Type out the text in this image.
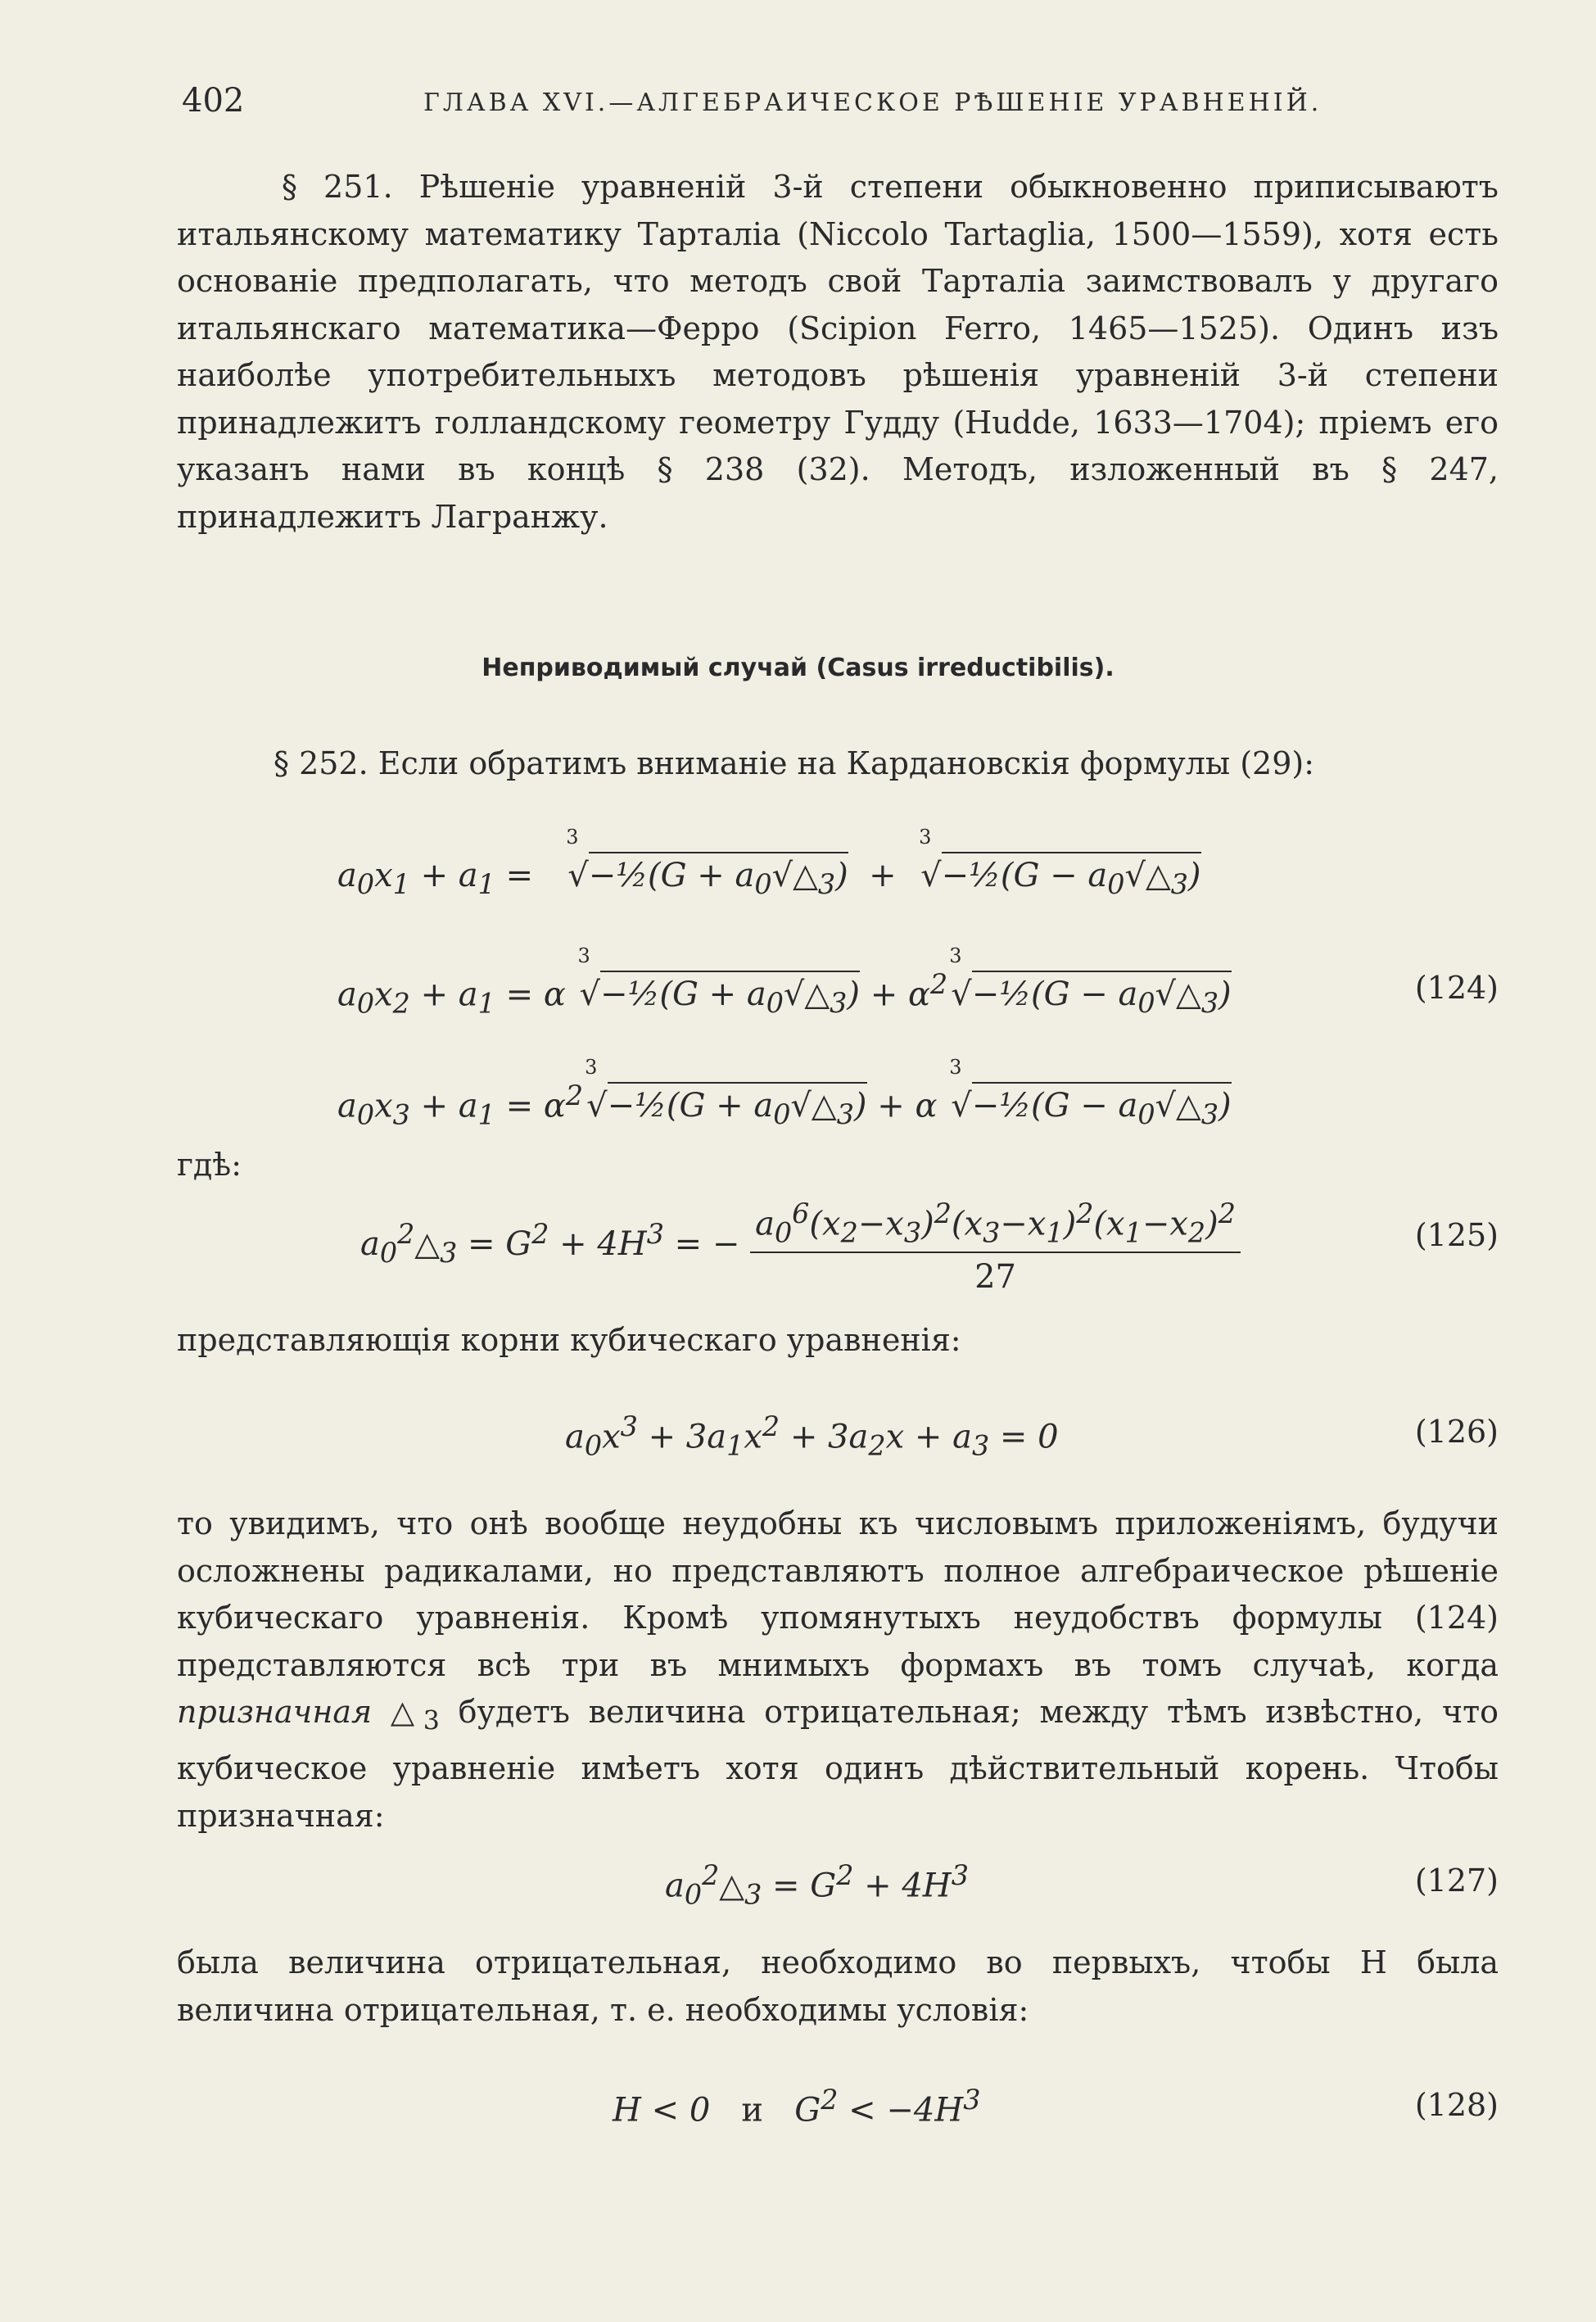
402	ГЛАВА XVI.—АЛГЕБРАИЧЕСКОЕ РѢШЕНІЕ УРАВНЕНІЙ.

§ 251. Рѣшеніе уравненій 3-й степени обыкновенно приписываютъ итальянскому математику Тарталіа (Niccolo Tartaglia, 1500—1559), хотя есть основаніе предполагать, что методъ свой Тарталіа заимствовалъ у другаго итальянскаго математика—Ферро (Scipion Ferro, 1465—1525). Одинъ изъ наиболѣе употребительныхъ методовъ рѣшенія уравненій 3-й степени принадлежитъ голландскому геометру Гудду (Hudde, 1633—1704); пріемъ его указанъ нами въ концѣ § 238 (32). Методъ, изложенный въ § 247, принадлежитъ Лагранжу.

Неприводимый случай (Casus irreductibilis).

§ 252. Если обратимъ вниманіе на Кардановскія формулы (29):

$a_0x_1 + a_1$ =
3
√−½(G + $a_0√\triangle_3$)  +
3
√−½(G − $a_0√\triangle_3$)
$a_0x_2 + a_1 = \alpha$
3
√−½(G + $a_0√\triangle_3) + \alpha^2$
3
√−½(G − $a_0√\triangle_3$)	(124)
$a_0x_3 + a_1 = \alpha^2$
3
√−½(G + $a_0√\triangle_3) + \alpha$
3
√−½(G − $a_0√\triangle_3$)
гдѣ:
$a_0^2\triangle_3 = G^2 + 4H^3$ = − $\frac{a_0^6(x_2-x_3)^2(x_3-x_1)^2(x_1-x_2)^2}{27}$	(125)

представляющія корни кубическаго уравненія:

$a_0x^3 + 3a_1x^2 + 3a_2x + a_3 = 0$	(126)

то увидимъ, что онѣ вообще неудобны къ числовымъ приложеніямъ, будучи осложнены радикалами, но представляютъ полное алгебраическое рѣшеніе кубическаго уравненія. Кромѣ упомянутыхъ неудобствъ формулы (124) представляются всѣ три въ мнимыхъ формахъ въ томъ случаѣ, когда призначная $\triangle_3$ будетъ величина отрицательная; между тѣмъ извѣстно, что кубическое уравненіе имѣетъ хотя одинъ дѣйствительный корень. Чтобы призначная:

$a_0^2\triangle_3 = G^2 + 4H^3$	(127)

была величина отрицательная, необходимо во первыхъ, чтобы H была величина отрицательная, т. е. необходимы условія:

H < 0   и   $G^2 < -4H^3$	(128)
